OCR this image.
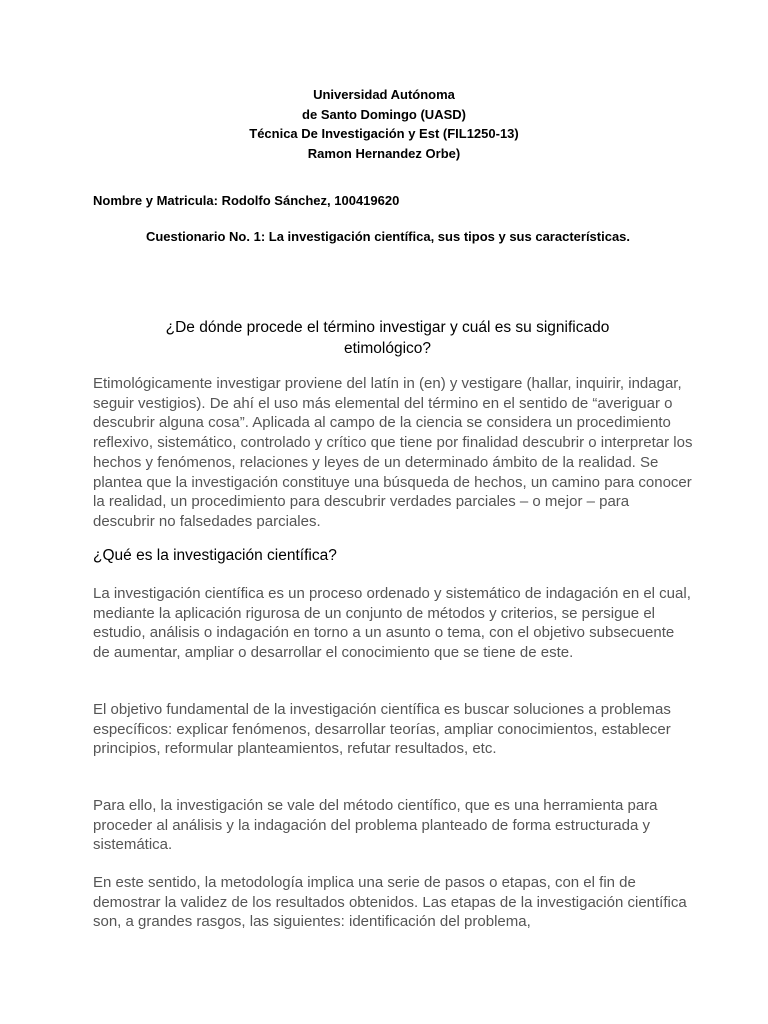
Universidad Autónoma
de Santo Domingo (UASD)
Técnica De Investigación y Est (FIL1250-13)
Ramon Hernandez Orbe)
Nombre y Matricula: Rodolfo Sánchez, 100419620
Cuestionario No. 1: La investigación científica, sus tipos y sus características.
¿De dónde procede el término investigar y cuál es su significado
etimológico?

Etimológicamente investigar proviene del latín in (en) y vestigare (hallar, inquirir, indagar, seguir vestigios). De ahí el uso más elemental del término en el sentido de “averiguar o descubrir alguna cosa”. Aplicada al campo de la ciencia se considera un procedimiento reflexivo, sistemático, controlado y crítico que tiene por finalidad descubrir o interpretar los hechos y fenómenos, relaciones y leyes de un determinado ámbito de la realidad. Se plantea que la investigación constituye una búsqueda de hechos, un camino para conocer la realidad, un procedimiento para descubrir verdades parciales – o mejor – para descubrir no falsedades parciales.

¿Qué es la investigación científica?

La investigación científica es un proceso ordenado y sistemático de indagación en el cual, mediante la aplicación rigurosa de un conjunto de métodos y criterios, se persigue el estudio, análisis o indagación en torno a un asunto o tema, con el objetivo subsecuente de aumentar, ampliar o desarrollar el conocimiento que se tiene de este.

El objetivo fundamental de la investigación científica es buscar soluciones a problemas específicos: explicar fenómenos, desarrollar teorías, ampliar conocimientos, establecer principios, reformular planteamientos, refutar resultados, etc.

Para ello, la investigación se vale del método científico, que es una herramienta para proceder al análisis y la indagación del problema planteado de forma estructurada y sistemática.

En este sentido, la metodología implica una serie de pasos o etapas, con el fin de demostrar la validez de los resultados obtenidos. Las etapas de la investigación científica son, a grandes rasgos, las siguientes: identificación del problema,
